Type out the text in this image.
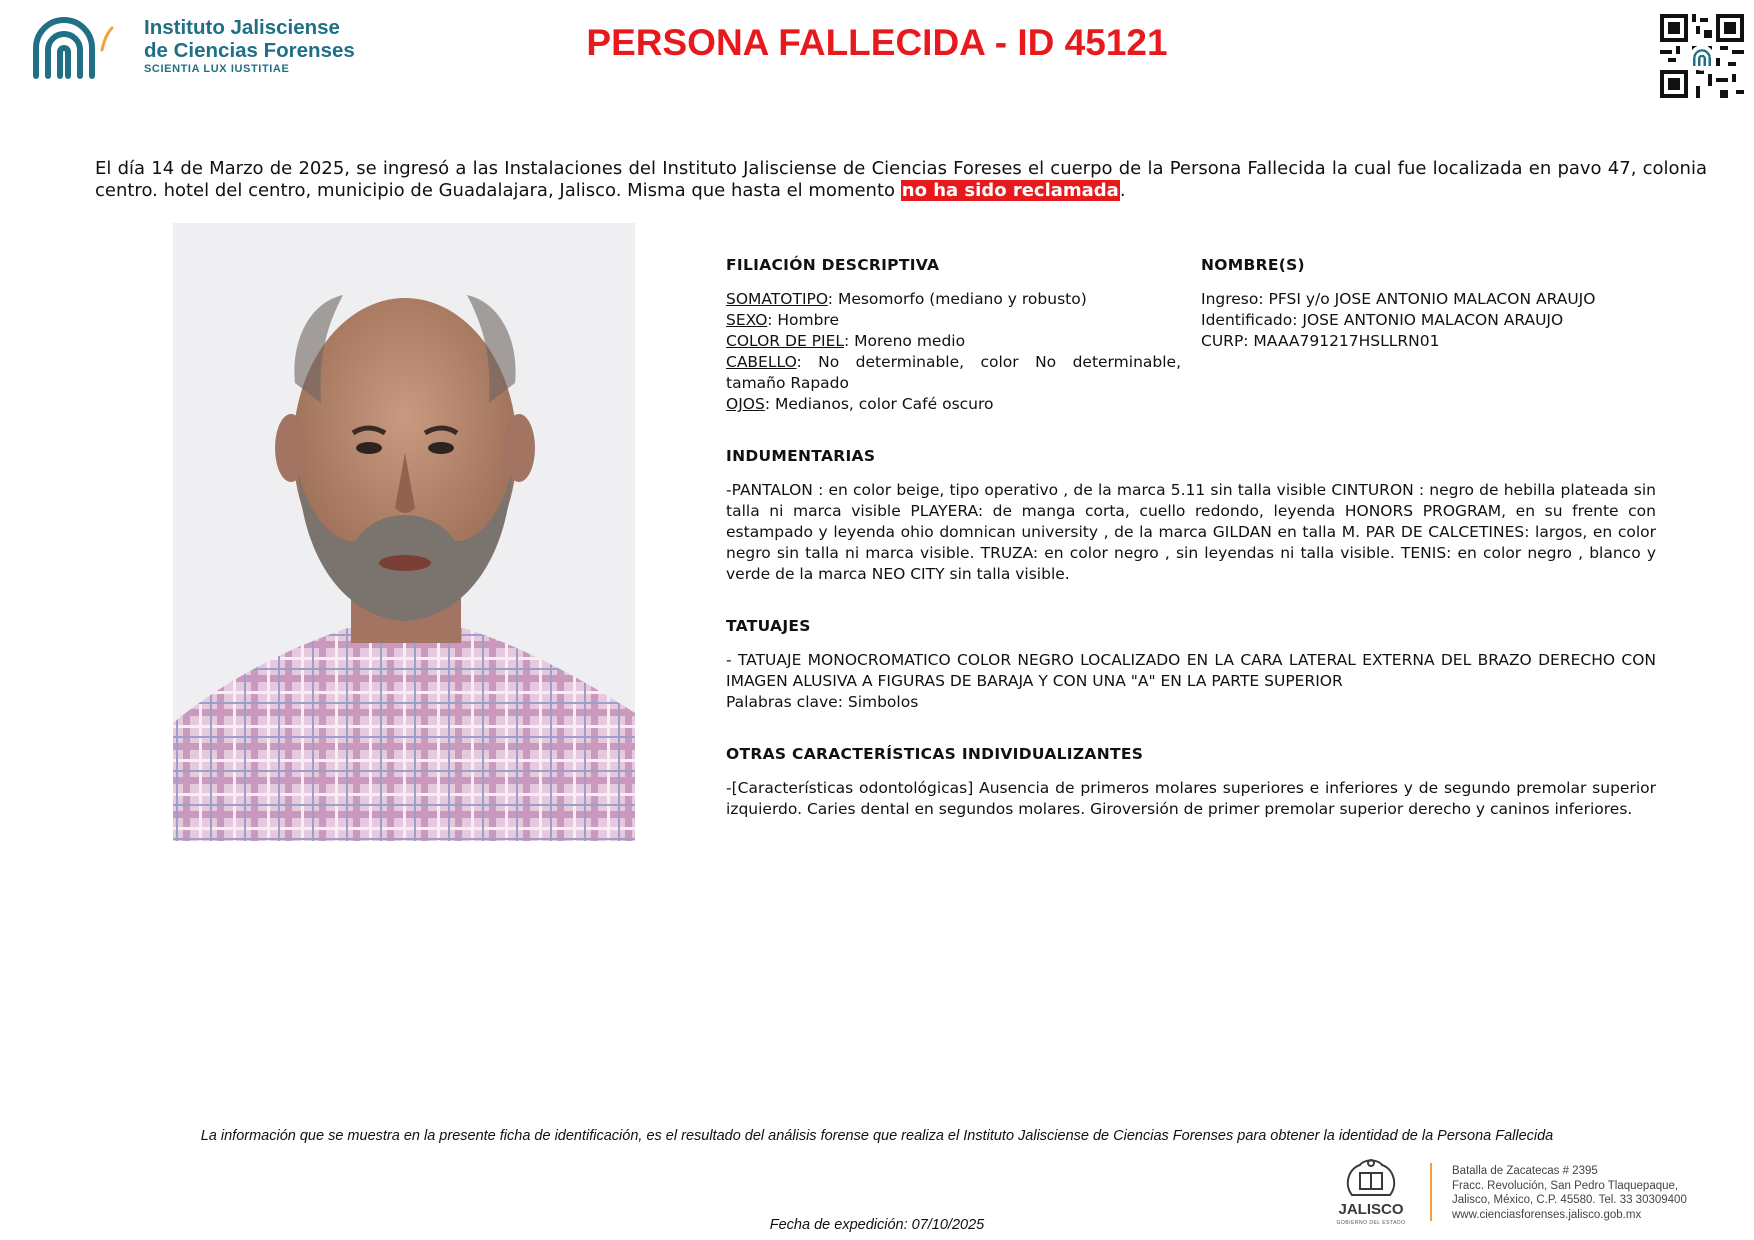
Instituto Jalisciense
de Ciencias Forenses
SCIENTIA LUX IUSTITIAE
PERSONA FALLECIDA - ID 45121
El día 14 de Marzo de 2025, se ingresó a las Instalaciones del Instituto Jalisciense de Ciencias Foreses el cuerpo de la Persona Fallecida la cual fue localizada en pavo 47, colonia centro. hotel del centro, municipio de Guadalajara, Jalisco. Misma que hasta el momento no ha sido reclamada.
FILIACIÓN DESCRIPTIVA
SOMATOTIPO: Mesomorfo (mediano y robusto)
SEXO: Hombre
COLOR DE PIEL: Moreno medio
CABELLO: No determinable, color No determinable, tamaño Rapado
OJOS: Medianos, color Café oscuro
NOMBRE(S)
Ingreso: PFSI y/o JOSE ANTONIO MALACON ARAUJO
Identificado: JOSE ANTONIO MALACON ARAUJO
CURP: MAAA791217HSLLRN01
INDUMENTARIAS
-PANTALON : en color beige, tipo operativo , de la marca 5.11 sin talla visible CINTURON : negro de hebilla plateada sin talla ni marca visible PLAYERA: de manga corta, cuello redondo, leyenda HONORS PROGRAM, en su frente con estampado y leyenda ohio domnican university , de la marca GILDAN en talla M. PAR DE CALCETINES: largos, en color negro sin talla ni marca visible. TRUZA: en color negro , sin leyendas ni talla visible. TENIS: en color negro , blanco y verde de la marca NEO CITY sin talla visible.
TATUAJES
- TATUAJE MONOCROMATICO COLOR NEGRO LOCALIZADO EN LA CARA LATERAL EXTERNA DEL BRAZO DERECHO CON IMAGEN ALUSIVA A FIGURAS DE BARAJA Y CON UNA "A" EN LA PARTE SUPERIOR
Palabras clave: Simbolos
OTRAS CARACTERÍSTICAS INDIVIDUALIZANTES
-[Características odontológicas] Ausencia de primeros molares superiores e inferiores y de segundo premolar superior izquierdo. Caries dental en segundos molares. Giroversión de primer premolar superior derecho y caninos inferiores.
La información que se muestra en la presente ficha de identificación, es el resultado del análisis forense que realiza el Instituto Jalisciense de Ciencias Forenses para obtener la identidad de la Persona Fallecida
Fecha de expedición: 07/10/2025
JALISCO
GOBIERNO DEL ESTADO
Batalla de Zacatecas # 2395
Fracc. Revolución, San Pedro Tlaquepaque,
Jalisco, México, C.P. 45580. Tel. 33 30309400
www.cienciasforenses.jalisco.gob.mx
